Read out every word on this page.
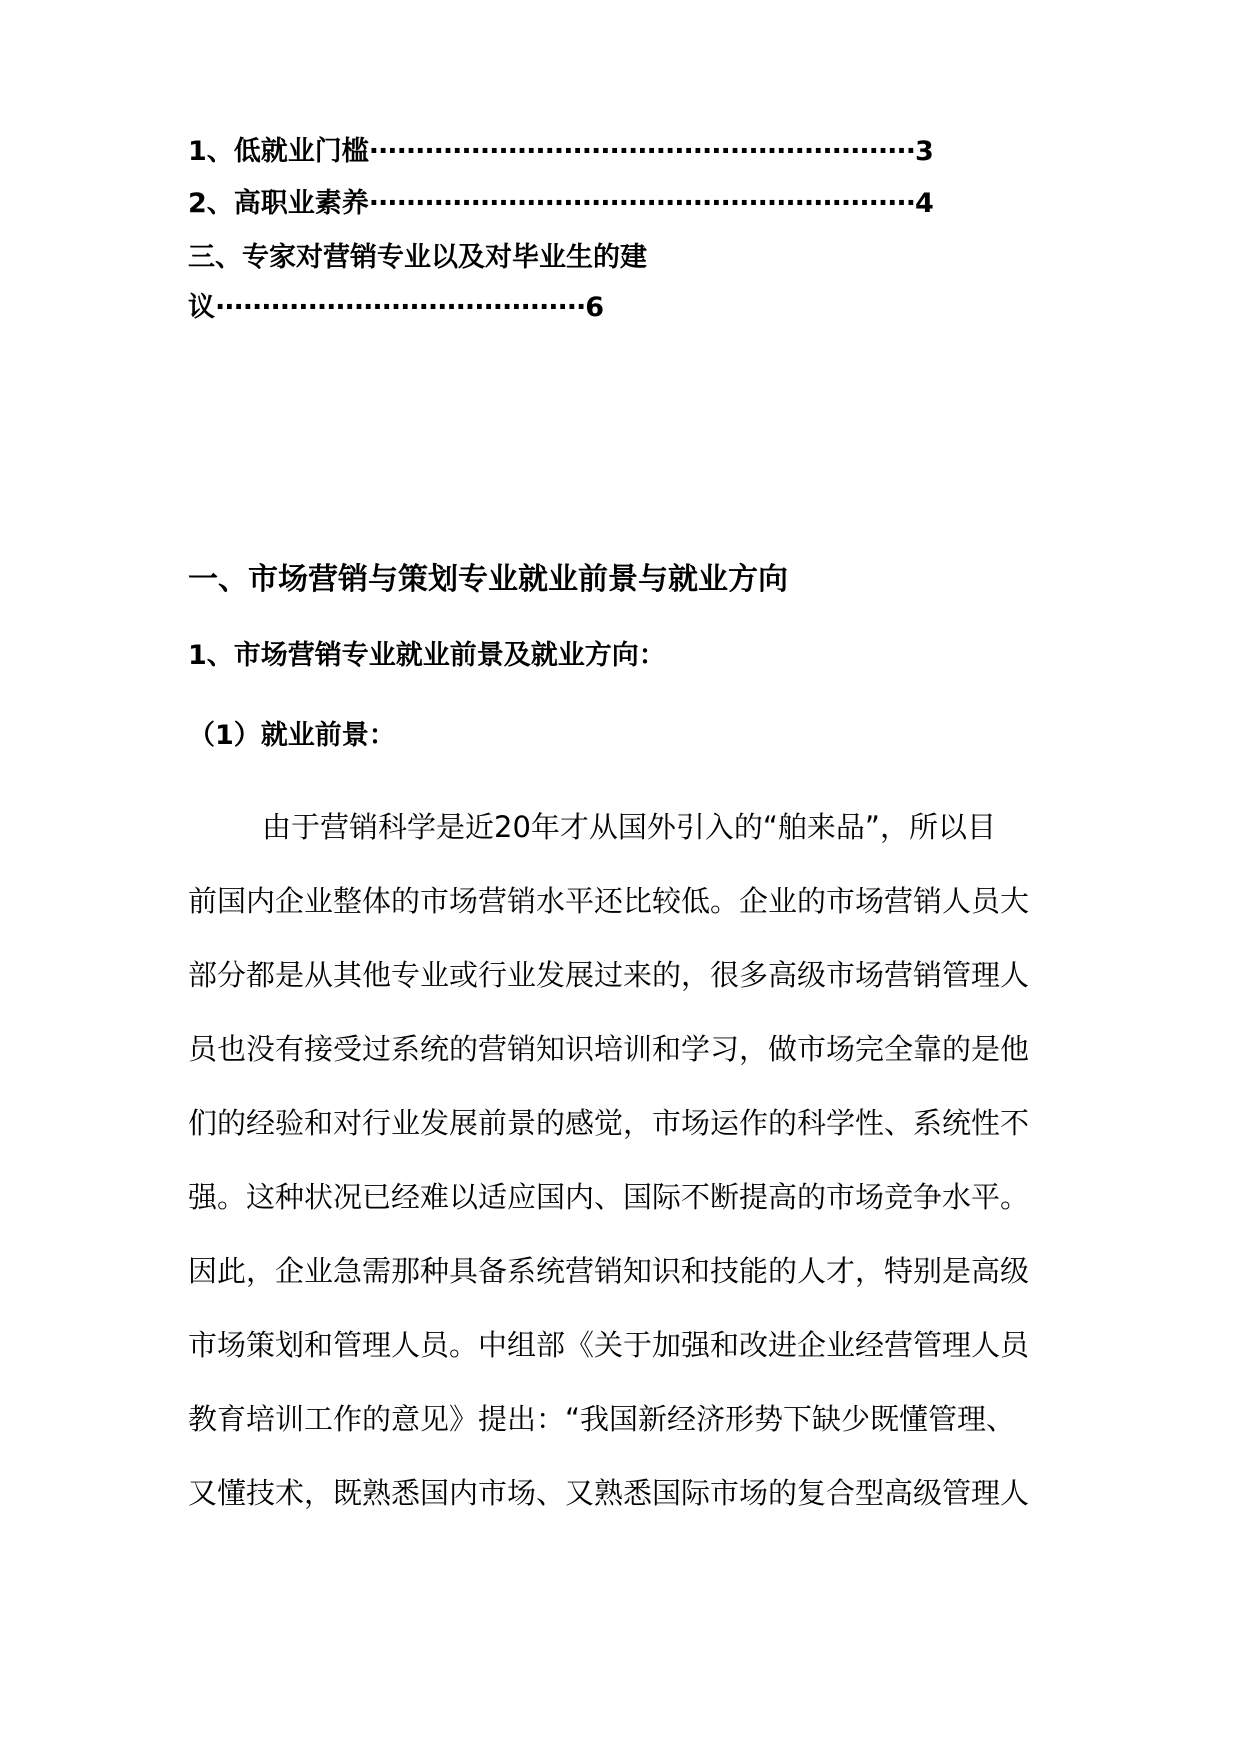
1、低就业门槛···························································3
2、高职业素养···························································4
三、专家对营销专业以及对毕业生的建
议········································6
一、市场营销与策划专业就业前景与就业方向
1、市场营销专业就业前景及就业方向：
（1）就业前景：
由于营销科学是近20年才从国外引入的“舶来品”，所以目
前国内企业整体的市场营销水平还比较低。企业的市场营销人员大
部分都是从其他专业或行业发展过来的，很多高级市场营销管理人
员也没有接受过系统的营销知识培训和学习，做市场完全靠的是他
们的经验和对行业发展前景的感觉，市场运作的科学性、系统性不
强。这种状况已经难以适应国内、国际不断提高的市场竞争水平。
因此，企业急需那种具备系统营销知识和技能的人才，特别是高级
市场策划和管理人员。中组部《关于加强和改进企业经营管理人员
教育培训工作的意见》提出：“我国新经济形势下缺少既懂管理、
又懂技术，既熟悉国内市场、又熟悉国际市场的复合型高级管理人
